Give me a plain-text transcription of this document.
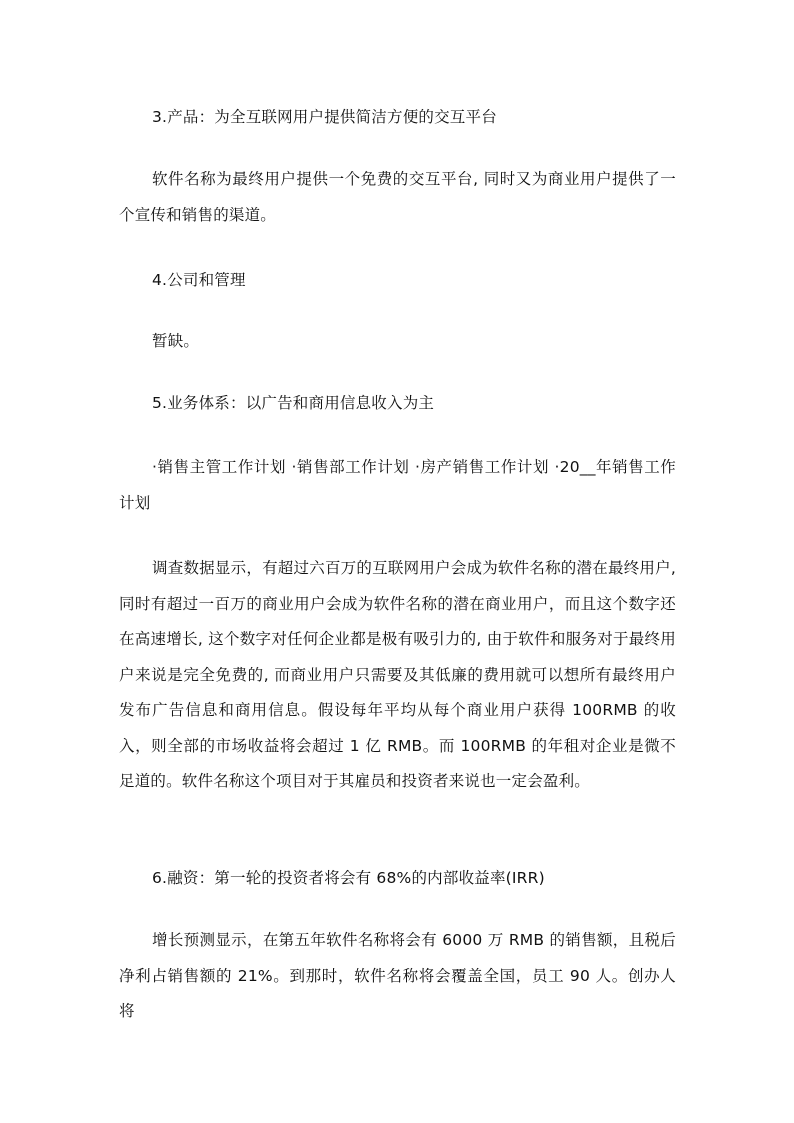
3.产品：为全互联网用户提供简洁方便的交互平台

软件名称为最终用户提供一个免费的交互平台, 同时又为商业用户提供了一个宣传和销售的渠道。

4.公司和管理

暂缺。

5.业务体系：以广告和商用信息收入为主

·销售主管工作计划 ·销售部工作计划 ·房产销售工作计划 ·20__年销售工作计划

调查数据显示，有超过六百万的互联网用户会成为软件名称的潜在最终用户, 同时有超过一百万的商业用户会成为软件名称的潜在商业用户，而且这个数字还在高速增长, 这个数字对任何企业都是极有吸引力的, 由于软件和服务对于最终用户来说是完全免费的, 而商业用户只需要及其低廉的费用就可以想所有最终用户发布广告信息和商用信息。假设每年平均从每个商业用户获得 100RMB 的收入，则全部的市场收益将会超过 1 亿 RMB。而 100RMB 的年租对企业是微不足道的。软件名称这个项目对于其雇员和投资者来说也一定会盈利。

6.融资：第一轮的投资者将会有 68%的内部收益率(IRR)

增长预测显示，在第五年软件名称将会有 6000 万 RMB 的销售额，且税后净利占销售额的 21%。到那时，软件名称将会覆盖全国，员工 90 人。创办人将
